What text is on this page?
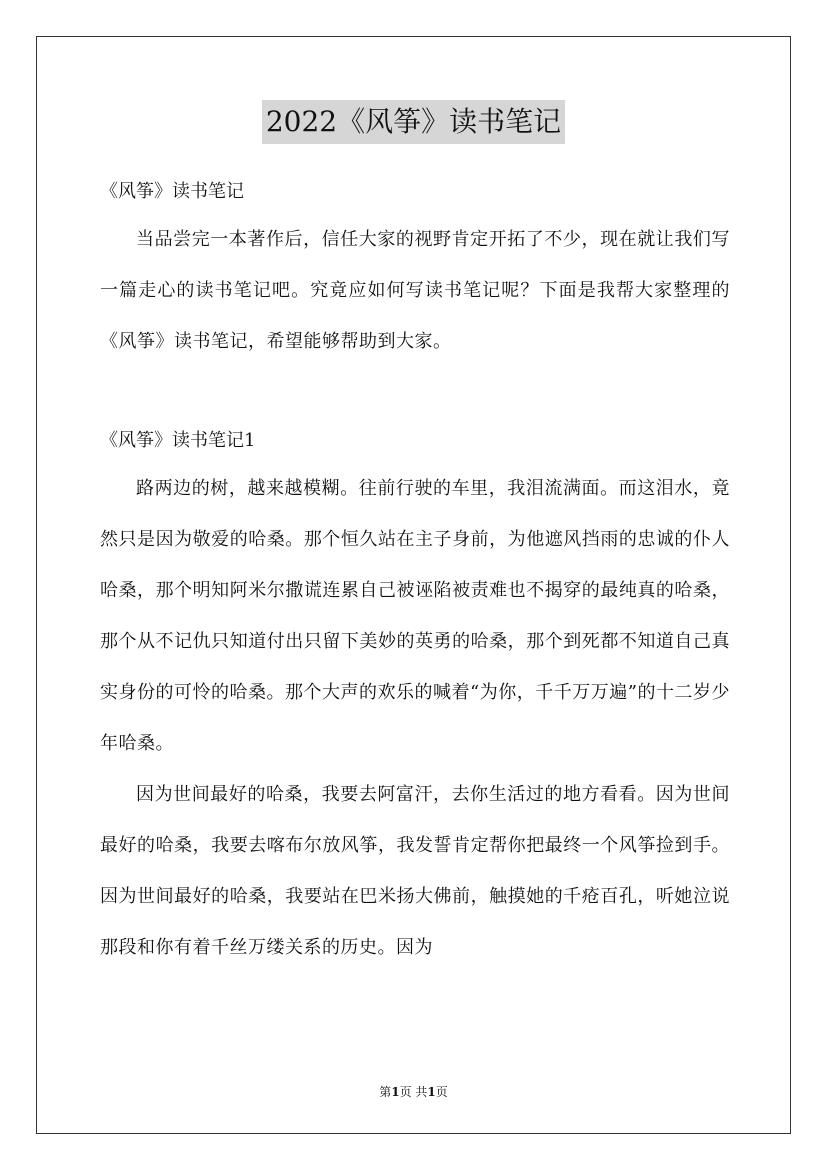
2022《风筝》读书笔记

《风筝》读书笔记

当品尝完一本著作后，信任大家的视野肯定开拓了不少，现在就让我们写一篇走心的读书笔记吧。究竟应如何写读书笔记呢？下面是我帮大家整理的《风筝》读书笔记，希望能够帮助到大家。

《风筝》读书笔记1

路两边的树，越来越模糊。往前行驶的车里，我泪流满面。而这泪水，竟然只是因为敬爱的哈桑。那个恒久站在主子身前，为他遮风挡雨的忠诚的仆人哈桑，那个明知阿米尔撒谎连累自己被诬陷被责难也不揭穿的最纯真的哈桑，那个从不记仇只知道付出只留下美妙的英勇的哈桑，那个到死都不知道自己真实身份的可怜的哈桑。那个大声的欢乐的喊着“为你，千千万万遍”的十二岁少年哈桑。

因为世间最好的哈桑，我要去阿富汗，去你生活过的地方看看。因为世间最好的哈桑，我要去喀布尔放风筝，我发誓肯定帮你把最终一个风筝捡到手。因为世间最好的哈桑，我要站在巴米扬大佛前，触摸她的千疮百孔，听她泣说那段和你有着千丝万缕关系的历史。因为

第1页 共1页
